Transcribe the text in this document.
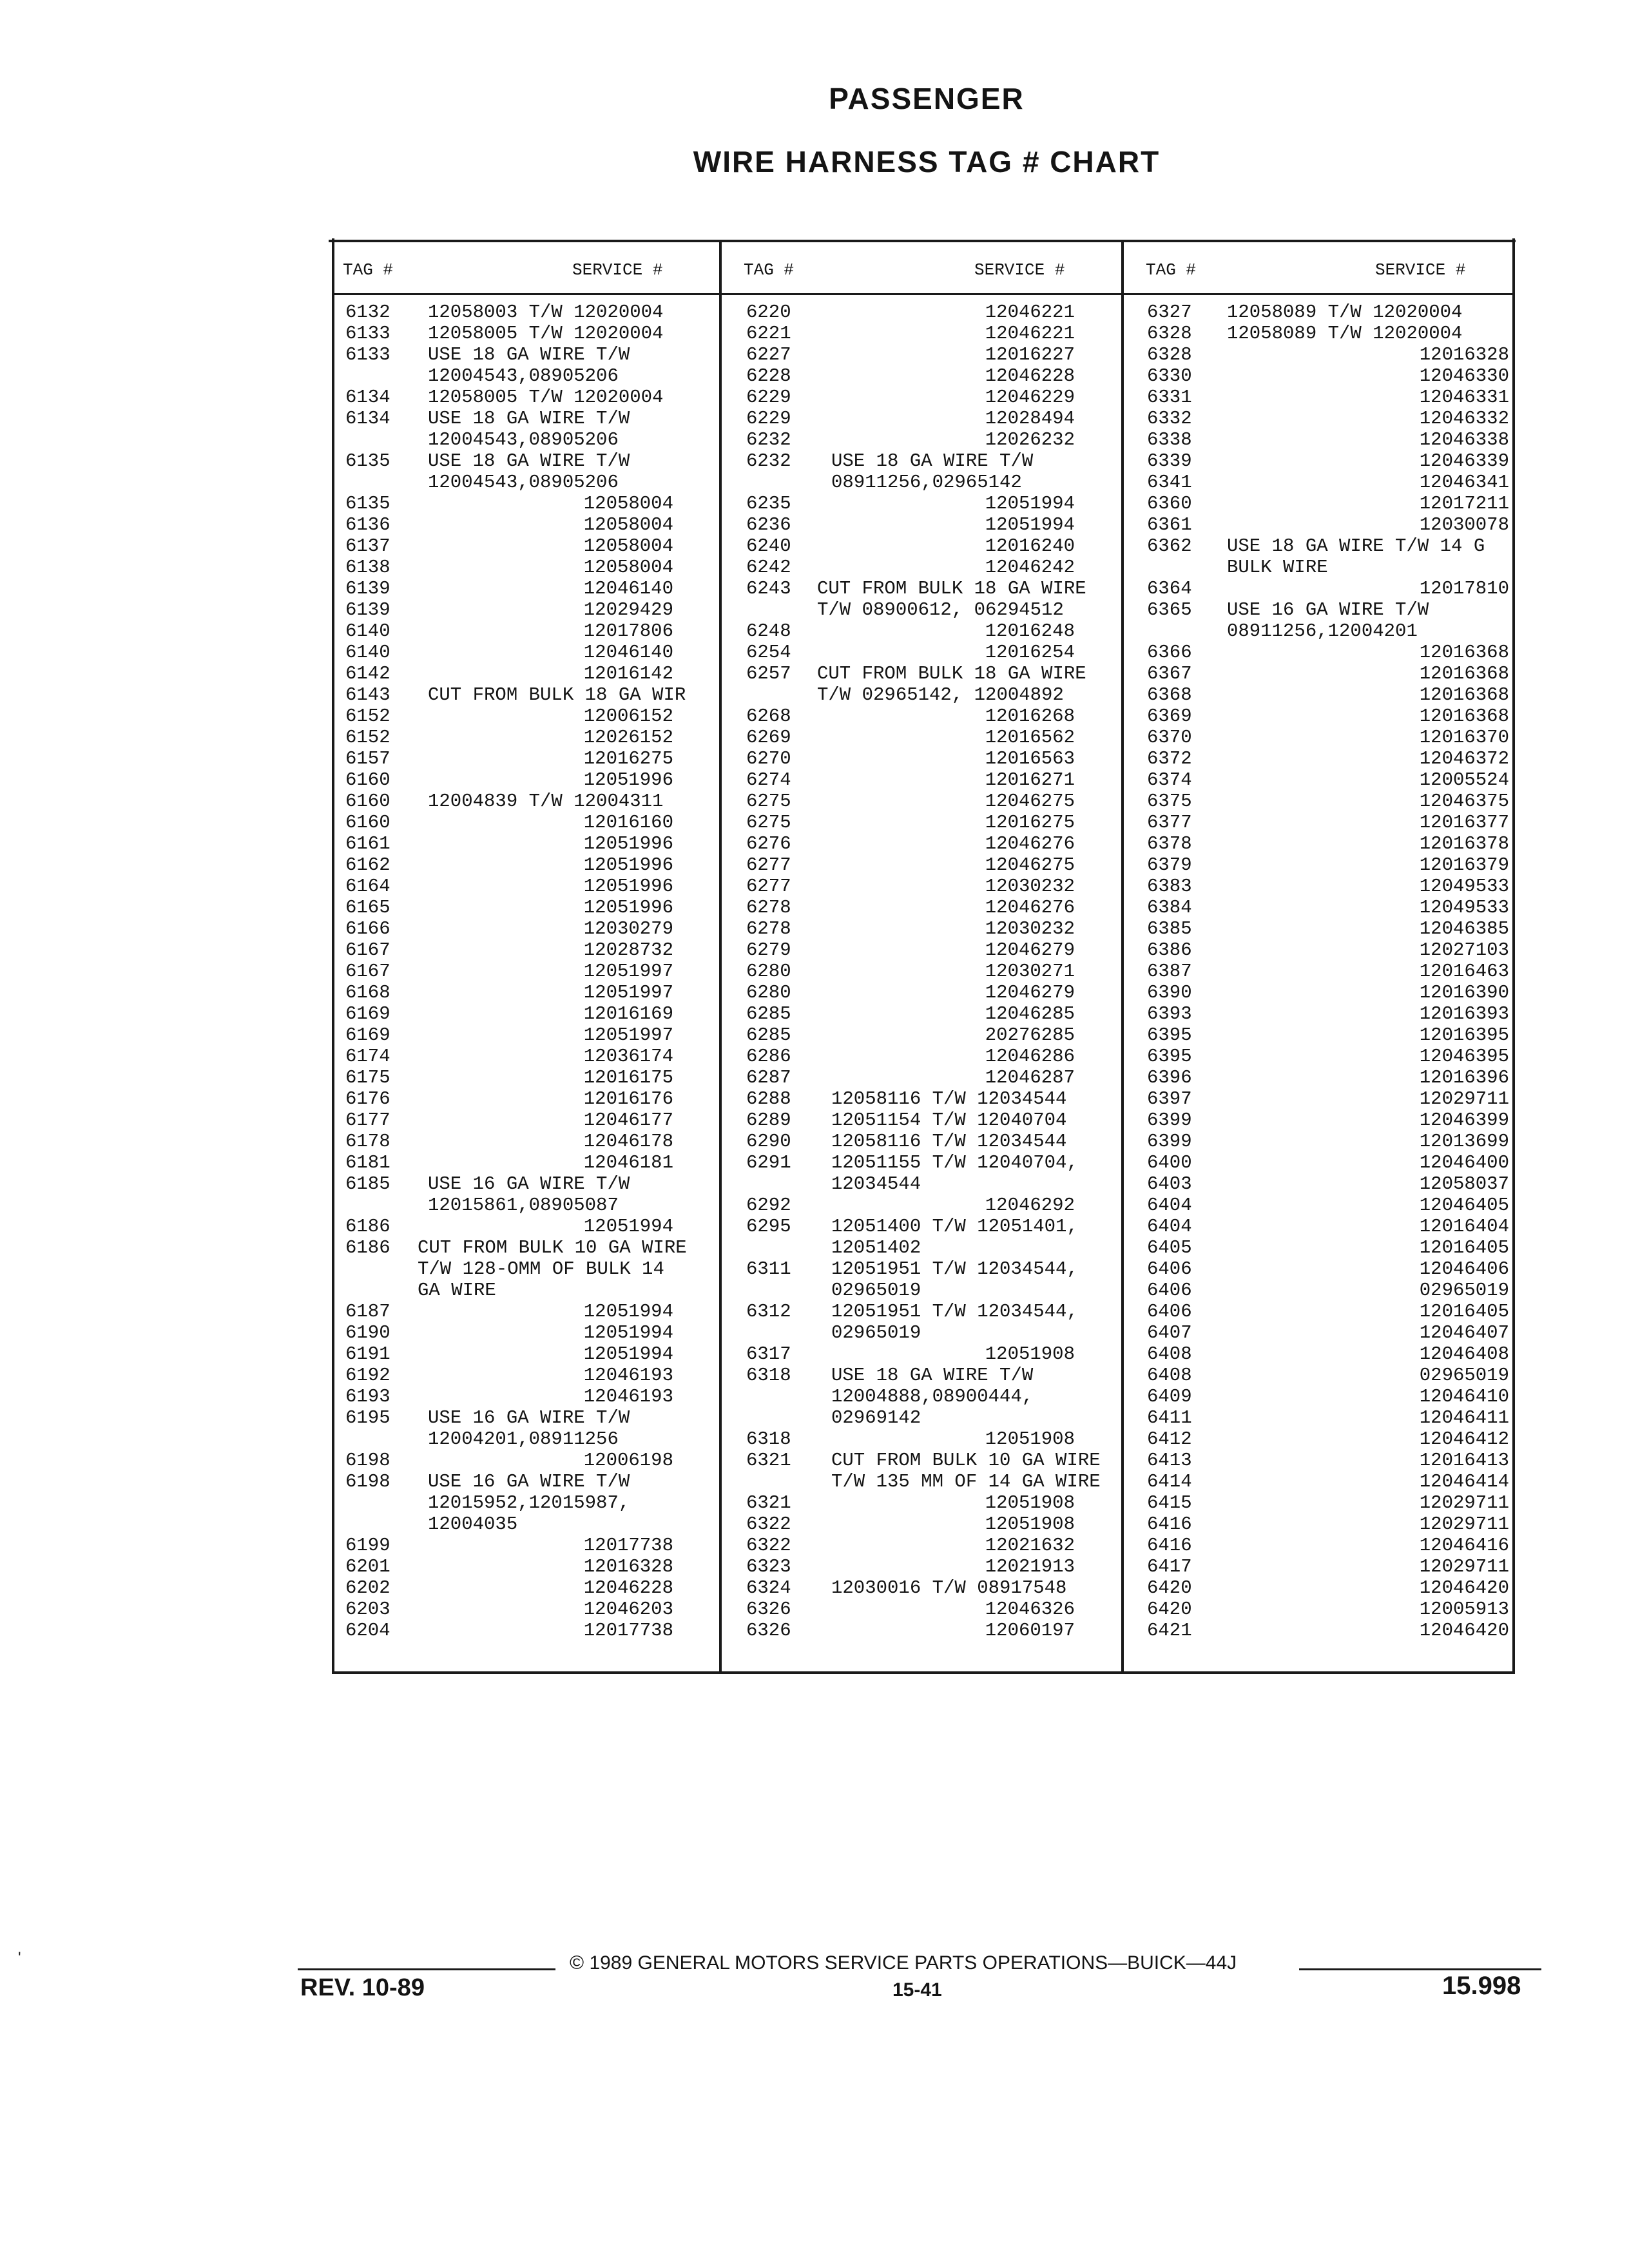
PASSENGER
WIRE HARNESS TAG # CHART
TAG #	SERVICE #	TAG #	SERVICE #	TAG #	SERVICE #
6132 12058003 T/W 12020004
6133 12058005 T/W 12020004
6133 USE 18 GA WIRE T/W
12004543,08905206
6134 12058005 T/W 12020004
6134 USE 18 GA WIRE T/W
12004543,08905206
6135 USE 18 GA WIRE T/W
12004543,08905206
6135	12058004
6136	12058004
6137	12058004
6138	12058004
6139	12046140
6139	12029429
6140	12017806
6140	12046140
6142	12016142
6143 CUT FROM BULK 18 GA WIR
6152	12006152
6152	12026152
6157	12016275
6160	12051996
6160 12004839 T/W 12004311
6160	12016160
6161	12051996
6162	12051996
6164	12051996
6165	12051996
6166	12030279
6167	12028732
6167	12051997
6168	12051997
6169	12016169
6169	12051997
6174	12036174
6175	12016175
6176	12016176
6177	12046177
6178	12046178
6181	12046181
6185 USE 16 GA WIRE T/W
12015861,08905087
6186	12051994
6186 CUT FROM BULK 10 GA WIRE
T/W 128-OMM OF BULK 14
GA WIRE
6187	12051994
6190	12051994
6191	12051994
6192	12046193
6193	12046193
6195 USE 16 GA WIRE T/W
12004201,08911256
6198	12006198
6198 USE 16 GA WIRE T/W
12015952,12015987,
12004035
6199	12017738
6201	12016328
6202	12046228
6203	12046203
6204	12017738
6220	12046221
6221	12046221
6227	12016227
6228	12046228
6229	12046229
6229	12028494
6232	12026232
6232 USE 18 GA WIRE T/W
08911256,02965142
6235	12051994
6236	12051994
6240	12016240
6242	12046242
6243 CUT FROM BULK 18 GA WIRE
T/W 08900612, 06294512
6248	12016248
6254	12016254
6257 CUT FROM BULK 18 GA WIRE
T/W 02965142, 12004892
6268	12016268
6269	12016562
6270	12016563
6274	12016271
6275	12046275
6275	12016275
6276	12046276
6277	12046275
6277	12030232
6278	12046276
6278	12030232
6279	12046279
6280	12030271
6280	12046279
6285	12046285
6285	20276285
6286	12046286
6287	12046287
6288 12058116 T/W 12034544
6289 12051154 T/W 12040704
6290 12058116 T/W 12034544
6291 12051155 T/W 12040704,
12034544
6292	12046292
6295 12051400 T/W 12051401,
12051402
6311 12051951 T/W 12034544,
02965019
6312 12051951 T/W 12034544,
02965019
6317	12051908
6318 USE 18 GA WIRE T/W
12004888,08900444,
02969142
6318	12051908
6321 CUT FROM BULK 10 GA WIRE
T/W 135 MM OF 14 GA WIRE
6321	12051908
6322	12051908
6322	12021632
6323	12021913
6324 12030016 T/W 08917548
6326	12046326
6326	12060197
6327 12058089 T/W 12020004
6328 12058089 T/W 12020004
6328	12016328
6330	12046330
6331	12046331
6332	12046332
6338	12046338
6339	12046339
6341	12046341
6360	12017211
6361	12030078
6362 USE 18 GA WIRE T/W 14 G
BULK WIRE
6364	12017810
6365 USE 16 GA WIRE T/W
08911256,12004201
6366	12016368
6367	12016368
6368	12016368
6369	12016368
6370	12016370
6372	12046372
6374	12005524
6375	12046375
6377	12016377
6378	12016378
6379	12016379
6383	12049533
6384	12049533
6385	12046385
6386	12027103
6387	12016463
6390	12016390
6393	12016393
6395	12016395
6395	12046395
6396	12016396
6397	12029711
6399	12046399
6399	12013699
6400	12046400
6403	12058037
6404	12046405
6404	12016404
6405	12016405
6406	12046406
6406	02965019
6406	12016405
6407	12046407
6408	12046408
6408	02965019
6409	12046410
6411	12046411
6412	12046412
6413	12016413
6414	12046414
6415	12029711
6416	12029711
6416	12046416
6417	12029711
6420	12046420
6420	12005913
6421	12046420
© 1989 GENERAL MOTORS SERVICE PARTS OPERATIONS—BUICK—44J
REV. 10-89	15-41	15.998
'
